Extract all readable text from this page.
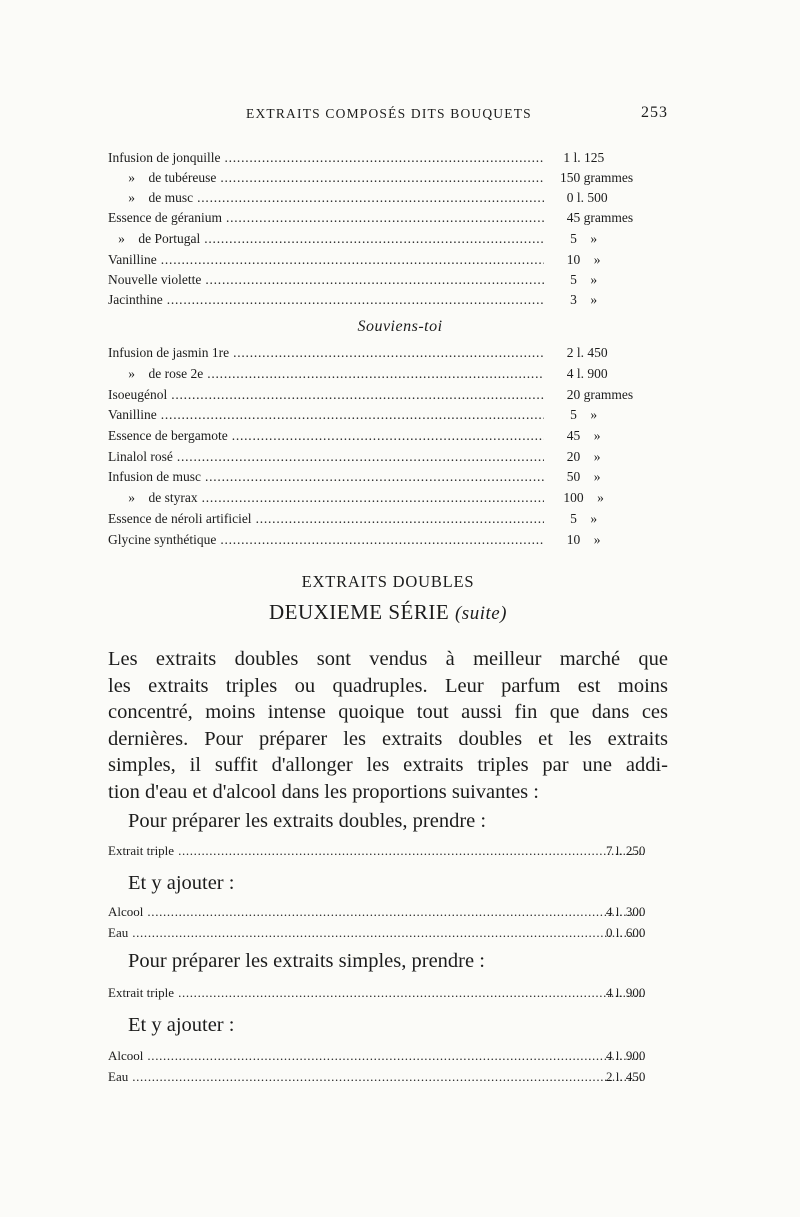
EXTRAITS COMPOSÉS DITS BOUQUETS	253
Infusion de jonquille . . .	1 l. 125
»    de tubéreuse . . .	150 grammes
»    de musc . . .	0 l. 500
Essence de géranium . . .	45 grammes
»    de Portugal . . .	5    »
Vanilline . . .	10    »
Nouvelle violette . . .	5    »
Jacinthine . . .	3    »
Souviens-toi
Infusion de jasmin 1re . . .	2 l. 450
»    de rose 2e . . .	4 l. 900
Isoeugénol . . .	20 grammes
Vanilline . . .	5    »
Essence de bergamote . . .	45    »
Linalol rosé . . .	20    »
Infusion de musc . . .	50    »
»    de styrax . . .	100    »
Essence de néroli artificiel . . .	5    »
Glycine synthétique . . .	10    »
EXTRAITS DOUBLES
DEUXIEME SÉRIE (suite)
Les extraits doubles sont vendus à meilleur marché que
les extraits triples ou quadruples. Leur parfum est moins
concentré, moins intense quoique tout aussi fin que dans ces
dernières. Pour préparer les extraits doubles et les extraits
simples, il suffit d'allonger les extraits triples par une addi-
tion d'eau et d'alcool dans les proportions suivantes :
Pour préparer les extraits doubles, prendre :
Extrait triple . . .	7 l. 250
Et y ajouter :
Alcool . . .	4 l. 300
Eau . . .	0 l. 600
Pour préparer les extraits simples, prendre :
Extrait triple . . .	4 l. 900
Et y ajouter :
Alcool . . .	4 l. 900
Eau . . .	2 l. 450
